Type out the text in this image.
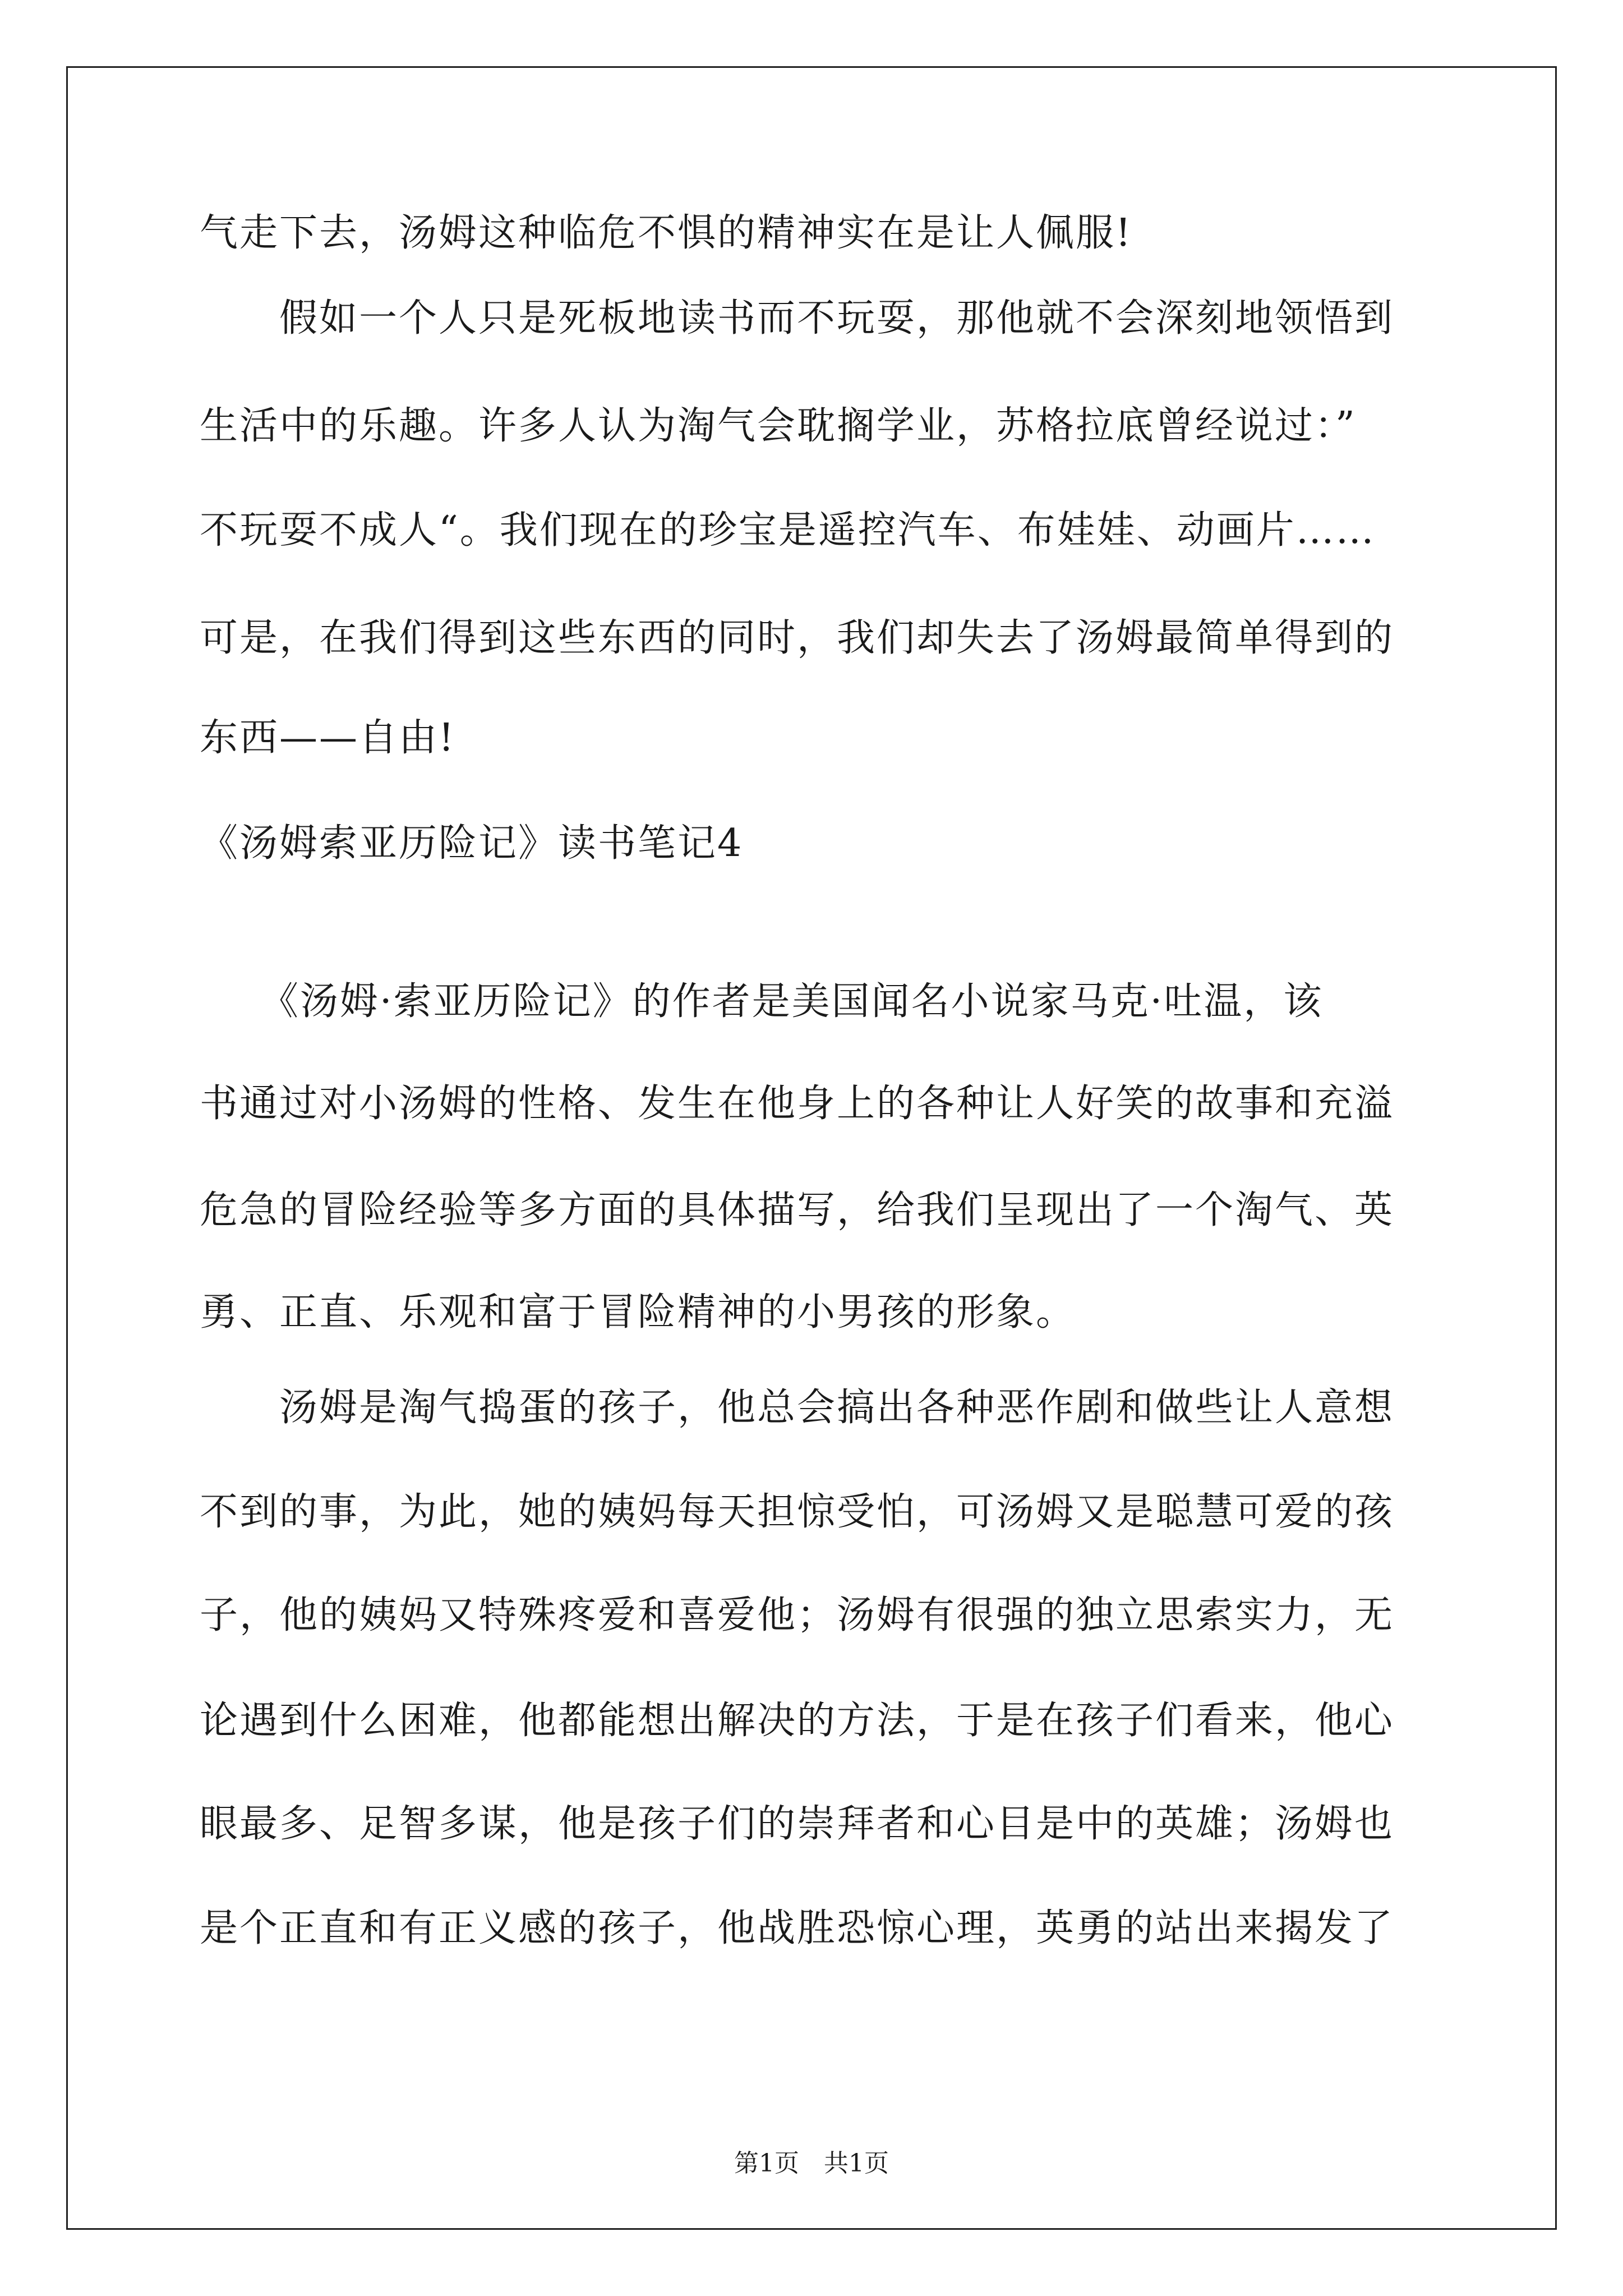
气走下去，汤姆这种临危不惧的精神实在是让人佩服!
　　假如一个人只是死板地读书而不玩耍，那他就不会深刻地领悟到
生活中的乐趣。许多人认为淘气会耽搁学业，苏格拉底曾经说过：”
不玩耍不成人“。我们现在的珍宝是遥控汽车、布娃娃、动画片……
可是，在我们得到这些东西的同时，我们却失去了汤姆最简单得到的
东西——自由!
《汤姆索亚历险记》读书笔记4
　　《汤姆·索亚历险记》的作者是美国闻名小说家马克·吐温，该
书通过对小汤姆的性格、发生在他身上的各种让人好笑的故事和充溢
危急的冒险经验等多方面的具体描写，给我们呈现出了一个淘气、英
勇、正直、乐观和富于冒险精神的小男孩的形象。
　　汤姆是淘气捣蛋的孩子，他总会搞出各种恶作剧和做些让人意想
不到的事，为此，她的姨妈每天担惊受怕，可汤姆又是聪慧可爱的孩
子，他的姨妈又特殊疼爱和喜爱他；汤姆有很强的独立思索实力，无
论遇到什么困难，他都能想出解决的方法，于是在孩子们看来，他心
眼最多、足智多谋，他是孩子们的崇拜者和心目是中的英雄；汤姆也
是个正直和有正义感的孩子，他战胜恐惊心理，英勇的站出来揭发了
第1页　共1页
